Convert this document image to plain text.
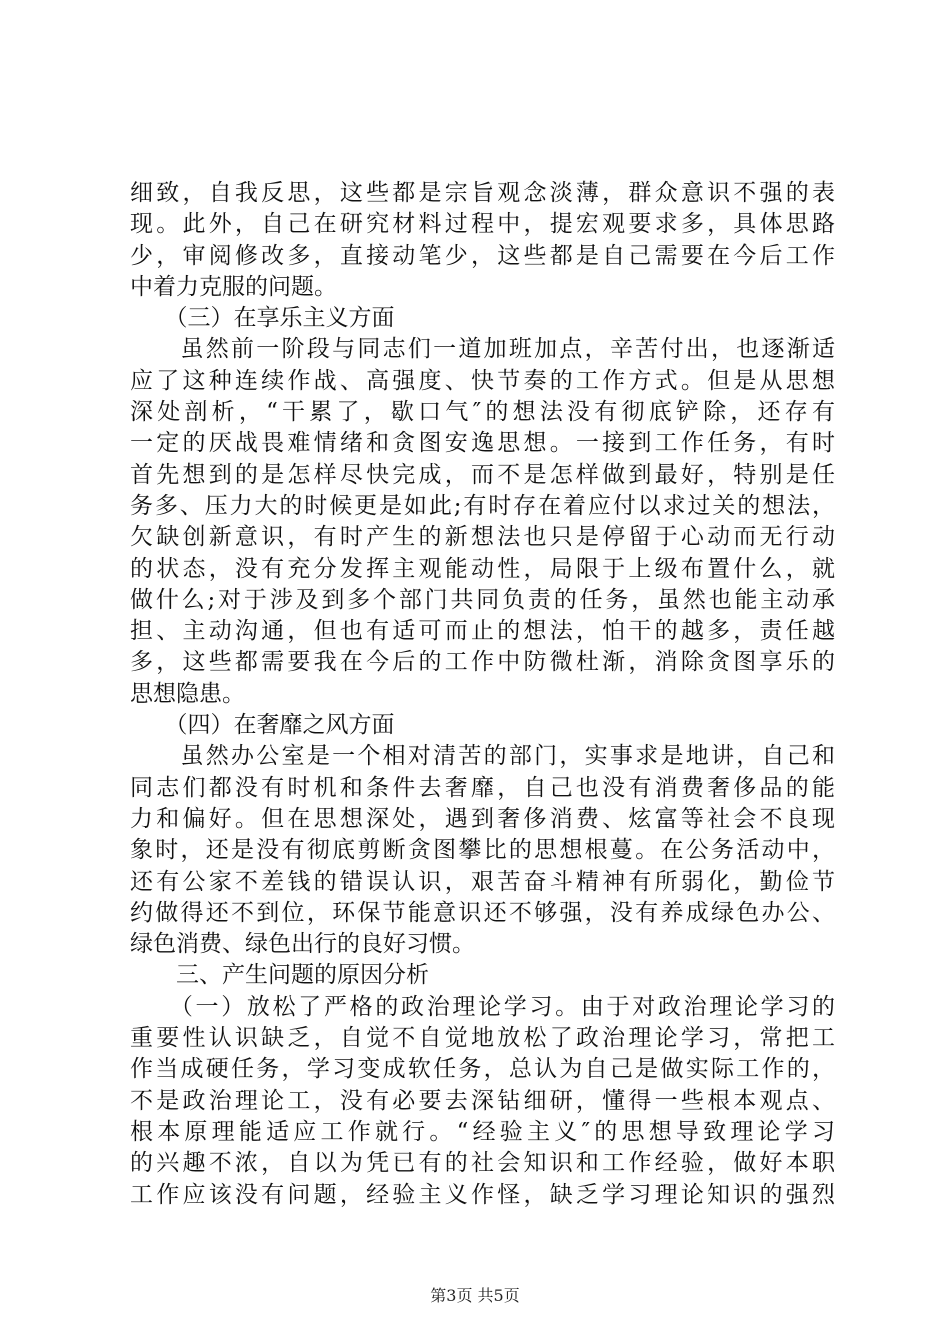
细致，自我反思，这些都是宗旨观念淡薄，群众意识不强的表
现。此外，自己在研究材料过程中，提宏观要求多，具体思路
少，审阅修改多，直接动笔少，这些都是自己需要在今后工作
中着力克服的问题。
　　（三）在享乐主义方面
　　虽然前一阶段与同志们一道加班加点，辛苦付出，也逐渐适
应了这种连续作战、高强度、快节奏的工作方式。但是从思想
深处剖析，“干累了，歇口气″的想法没有彻底铲除，还存有
一定的厌战畏难情绪和贪图安逸思想。一接到工作任务，有时
首先想到的是怎样尽快完成，而不是怎样做到最好，特别是任
务多、压力大的时候更是如此;有时存在着应付以求过关的想法，
欠缺创新意识，有时产生的新想法也只是停留于心动而无行动
的状态，没有充分发挥主观能动性，局限于上级布置什么，就
做什么;对于涉及到多个部门共同负责的任务，虽然也能主动承
担、主动沟通，但也有适可而止的想法，怕干的越多，责任越
多，这些都需要我在今后的工作中防微杜渐，消除贪图享乐的
思想隐患。
　　（四）在奢靡之风方面
　　虽然办公室是一个相对清苦的部门，实事求是地讲，自己和
同志们都没有时机和条件去奢靡，自己也没有消费奢侈品的能
力和偏好。但在思想深处，遇到奢侈消费、炫富等社会不良现
象时，还是没有彻底剪断贪图攀比的思想根蔓。在公务活动中，
还有公家不差钱的错误认识，艰苦奋斗精神有所弱化，勤俭节
约做得还不到位，环保节能意识还不够强，没有养成绿色办公、
绿色消费、绿色出行的良好习惯。
　　三、产生问题的原因分析
　　（一）放松了严格的政治理论学习。由于对政治理论学习的
重要性认识缺乏，自觉不自觉地放松了政治理论学习，常把工
作当成硬任务，学习变成软任务，总认为自己是做实际工作的，
不是政治理论工，没有必要去深钻细研，懂得一些根本观点、
根本原理能适应工作就行。“经验主义″的思想导致理论学习
的兴趣不浓，自以为凭已有的社会知识和工作经验，做好本职
工作应该没有问题，经验主义作怪，缺乏学习理论知识的强烈
第3页 共5页
